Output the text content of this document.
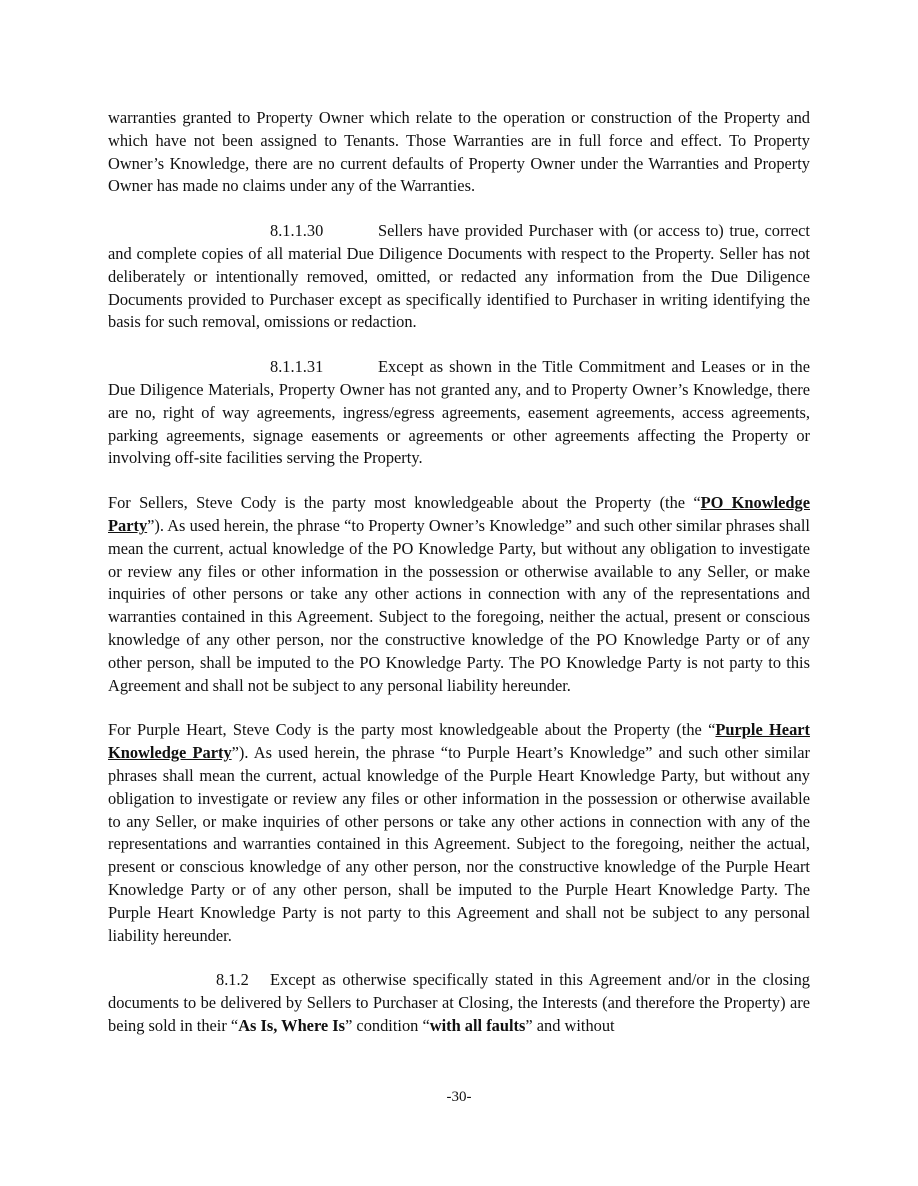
warranties granted to Property Owner which relate to the operation or construction of the Property and which have not been assigned to Tenants. Those Warranties are in full force and effect. To Property Owner’s Knowledge, there are no current defaults of Property Owner under the Warranties and Property Owner has made no claims under any of the Warranties.

8.1.1.30	Sellers have provided Purchaser with (or access to) true, correct and complete copies of all material Due Diligence Documents with respect to the Property. Seller has not deliberately or intentionally removed, omitted, or redacted any information from the Due Diligence Documents provided to Purchaser except as specifically identified to Purchaser in writing identifying the basis for such removal, omissions or redaction.

8.1.1.31	Except as shown in the Title Commitment and Leases or in the Due Diligence Materials, Property Owner has not granted any, and to Property Owner’s Knowledge, there are no, right of way agreements, ingress/egress agreements, easement agreements, access agreements, parking agreements, signage easements or agreements or other agreements affecting the Property or involving off-site facilities serving the Property.

For Sellers, Steve Cody is the party most knowledgeable about the Property (the “PO Knowledge Party”). As used herein, the phrase “to Property Owner’s Knowledge” and such other similar phrases shall mean the current, actual knowledge of the PO Knowledge Party, but without any obligation to investigate or review any files or other information in the possession or otherwise available to any Seller, or make inquiries of other persons or take any other actions in connection with any of the representations and warranties contained in this Agreement. Subject to the foregoing, neither the actual, present or conscious knowledge of any other person, nor the constructive knowledge of the PO Knowledge Party or of any other person, shall be imputed to the PO Knowledge Party. The PO Knowledge Party is not party to this Agreement and shall not be subject to any personal liability hereunder.

For Purple Heart, Steve Cody is the party most knowledgeable about the Property (the “Purple Heart Knowledge Party”). As used herein, the phrase “to Purple Heart’s Knowledge” and such other similar phrases shall mean the current, actual knowledge of the Purple Heart Knowledge Party, but without any obligation to investigate or review any files or other information in the possession or otherwise available to any Seller, or make inquiries of other persons or take any other actions in connection with any of the representations and warranties contained in this Agreement. Subject to the foregoing, neither the actual, present or conscious knowledge of any other person, nor the constructive knowledge of the Purple Heart Knowledge Party or of any other person, shall be imputed to the Purple Heart Knowledge Party. The Purple Heart Knowledge Party is not party to this Agreement and shall not be subject to any personal liability hereunder.

8.1.2 Except as otherwise specifically stated in this Agreement and/or in the closing documents to be delivered by Sellers to Purchaser at Closing, the Interests (and therefore the Property) are being sold in their “As Is, Where Is” condition “with all faults” and without

-30-
